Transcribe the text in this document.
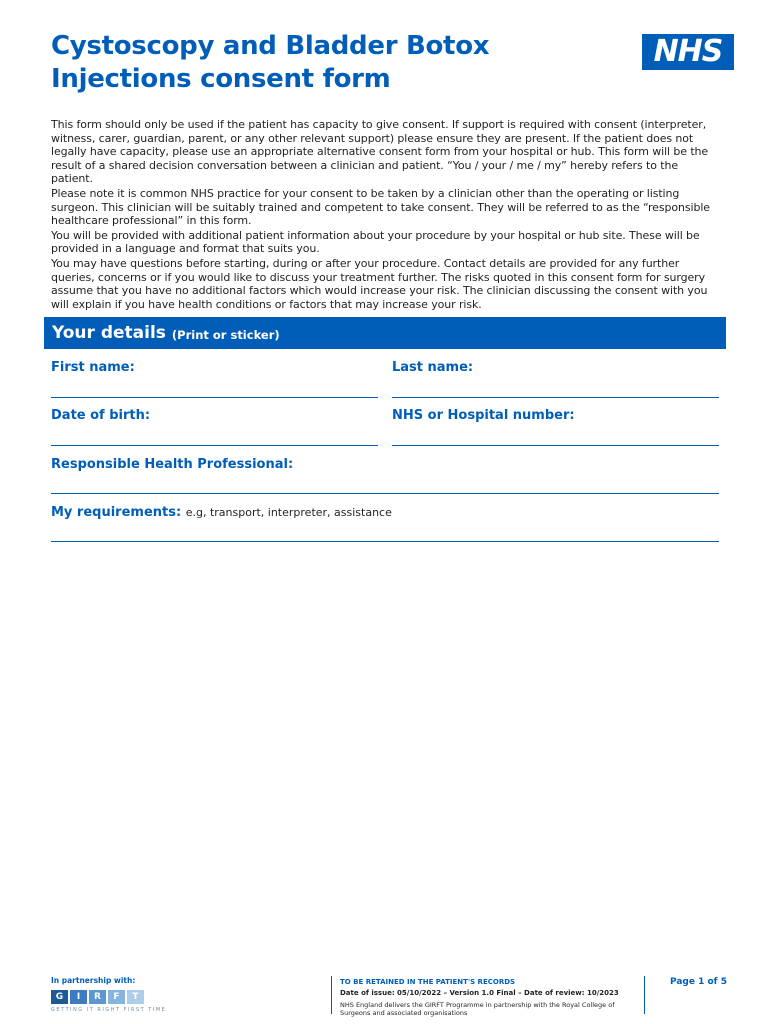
Cystoscopy and Bladder Botox
Injections consent form
NHS

This form should only be used if the patient has capacity to give consent. If support is required with consent (interpreter, witness, carer, guardian, parent, or any other relevant support) please ensure they are present. If the patient does not legally have capacity, please use an appropriate alternative consent form from your hospital or hub. This form will be the result of a shared decision conversation between a clinician and patient. “You / your / me / my” hereby refers to the patient.

Please note it is common NHS practice for your consent to be taken by a clinician other than the operating or listing surgeon. This clinician will be suitably trained and competent to take consent. They will be referred to as the “responsible healthcare professional” in this form.

You will be provided with additional patient information about your procedure by your hospital or hub site. These will be provided in a language and format that suits you.

You may have questions before starting, during or after your procedure. Contact details are provided for any further queries, concerns or if you would like to discuss your treatment further. The risks quoted in this consent form for surgery assume that you have no additional factors which would increase your risk. The clinician discussing the consent with you will explain if you have health conditions or factors that may increase your risk.

Your details (Print or sticker)
First name:	Last name:
Date of birth:	NHS or Hospital number:
Responsible Health Professional:
My requirements: e.g, transport, interpreter, assistance
In partnership with:
G	I	R	F	T
GETTING IT RIGHT FIRST TIME
TO BE RETAINED IN THE PATIENT'S RECORDS
Date of issue: 05/10/2022 – Version 1.0 Final – Date of review: 10/2023
NHS England delivers the GIRFT Programme in partnership with the Royal College of Surgeons and associated organisations
Page 1 of 5
